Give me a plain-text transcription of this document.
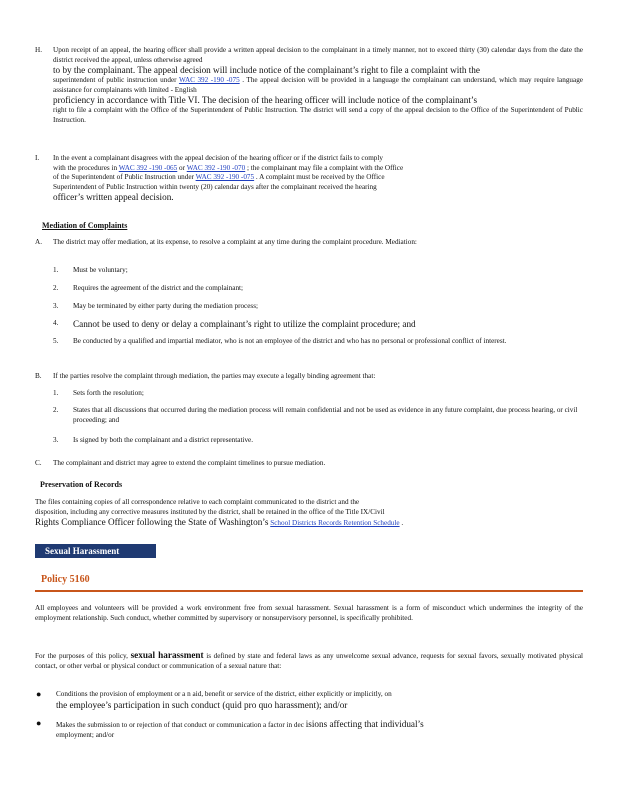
H.	Upon receipt of an appeal, the hearing officer shall provide a written appeal decision to the complainant in a timely manner, not to exceed thirty (30) calendar days from the date the district received the appeal, unless otherwise agreed
to by the complainant. The appeal decision will include notice of the complainant’s right to file a complaint with the
superintendent of public instruction under WAC 392 -190 -075 . The appeal decision will be provided in a language the complainant can understand, which may require language assistance for complainants with limited - English
proficiency in accordance with Title VI. The decision of the hearing officer will include notice of the complainant’s
right to file a complaint with the Office of the Superintendent of Public Instruction. The district will send a copy of the appeal decision to the Office of the Superintendent of Public Instruction.
I. In the event a complainant disagrees with the appeal decision of the hearing officer or if the district fails to comply
with the procedures in WAC 392 -190 -065 or WAC 392 -190 -070 ; the complainant may file a complaint with the Office
of the Superintendent of Public Instruction under WAC 392 -190 -075 . A complaint must be received by the Office
Superintendent of Public Instruction within twenty (20) calendar days after the complainant received the hearing
officer’s written appeal decision.
Mediation of Complaints
A.	The district may offer mediation, at its expense, to resolve a complaint at any time during the complaint procedure. Mediation:
1.	Must be voluntary;
2.	Requires the agreement of the district and the complainant;
3.	May be terminated by either party during the mediation process;
4.	Cannot be used to deny or delay a complainant’s right to utilize the complaint procedure; and
5.	Be conducted by a qualified and impartial mediator, who is not an employee of the district and who has no personal or professional conflict of interest.
B.	If the parties resolve the complaint through mediation, the parties may execute a legally binding agreement that:
1.	Sets forth the resolution;
2.	States that all discussions that occurred during the mediation process will remain confidential and not be used as evidence in any future complaint, due process hearing, or civil proceeding; and
3.	Is signed by both the complainant and a district representative.
C.	The complainant and district may agree to extend the complaint timelines to pursue mediation.
Preservation of Records
The files containing copies of all correspondence relative to each complaint communicated to the district and the
disposition, including any corrective measures instituted by the district, shall be retained in the office of the Title IX/Civil
Rights Compliance Officer following the State of Washington’s School Districts Records Retention Schedule .
Sexual Harassment
Policy 5160
All employees and volunteers will be provided a work environment free from sexual harassment. Sexual harassment is a form of misconduct which undermines the integrity of the employment relationship. Such conduct, whether committed by supervisory or nonsupervisory personnel, is specifically prohibited.
For the purposes of this policy, sexual harassment is defined by state and federal laws as any unwelcome sexual advance, requests for sexual favors, sexually motivated physical contact, or other verbal or physical conduct or communication of a sexual nature that:
●	Conditions the provision of employment or a n aid, benefit or service of the district, either explicitly or implicitly, on
the employee’s participation in such conduct (quid pro quo harassment); and/or
●	Makes the submission to or rejection of that conduct or communication a factor in dec isions affecting that individual’s
employment; and/or
